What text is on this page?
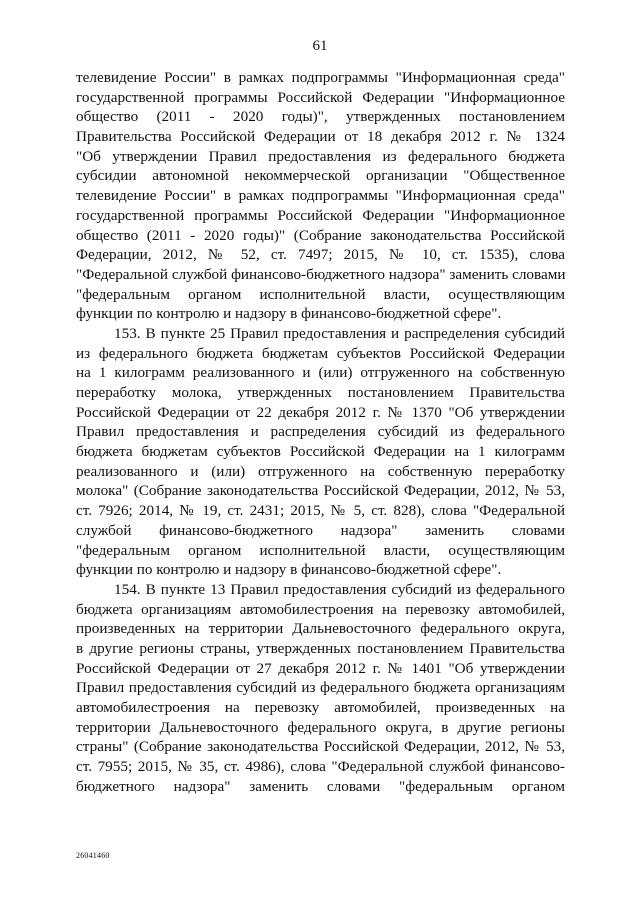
61
телевидение России" в рамках подпрограммы "Информационная среда"
государственной программы Российской Федерации "Информационное
общество (2011 - 2020 годы)", утвержденных постановлением
Правительства Российской Федерации от 18 декабря 2012 г. № 1324
"Об утверждении Правил предоставления из федерального бюджета
субсидии автономной некоммерческой организации "Общественное
телевидение России" в рамках подпрограммы "Информационная среда"
государственной программы Российской Федерации "Информационное
общество (2011 - 2020 годы)" (Собрание законодательства Российской
Федерации, 2012, № 52, ст. 7497; 2015, № 10, ст. 1535), слова
"Федеральной службой финансово-бюджетного надзора" заменить словами
"федеральным органом исполнительной власти, осуществляющим
функции по контролю и надзору в финансово-бюджетной сфере".
153. В пункте 25 Правил предоставления и распределения субсидий
из федерального бюджета бюджетам субъектов Российской Федерации
на 1 килограмм реализованного и (или) отгруженного на собственную
переработку молока, утвержденных постановлением Правительства
Российской Федерации от 22 декабря 2012 г. № 1370 "Об утверждении
Правил предоставления и распределения субсидий из федерального
бюджета бюджетам субъектов Российской Федерации на 1 килограмм
реализованного и (или) отгруженного на собственную переработку
молока" (Собрание законодательства Российской Федерации, 2012, № 53,
ст. 7926; 2014, № 19, ст. 2431; 2015, № 5, ст. 828), слова "Федеральной
службой финансово-бюджетного надзора" заменить словами
"федеральным органом исполнительной власти, осуществляющим
функции по контролю и надзору в финансово-бюджетной сфере".
154. В пункте 13 Правил предоставления субсидий из федерального
бюджета организациям автомобилестроения на перевозку автомобилей,
произведенных на территории Дальневосточного федерального округа,
в другие регионы страны, утвержденных постановлением Правительства
Российской Федерации от 27 декабря 2012 г. № 1401 "Об утверждении
Правил предоставления субсидий из федерального бюджета организациям
автомобилестроения на перевозку автомобилей, произведенных на
территории Дальневосточного федерального округа, в другие регионы
страны" (Собрание законодательства Российской Федерации, 2012, № 53,
ст. 7955; 2015, № 35, ст. 4986), слова "Федеральной службой финансово-
бюджетного надзора" заменить словами "федеральным органом
26041460
